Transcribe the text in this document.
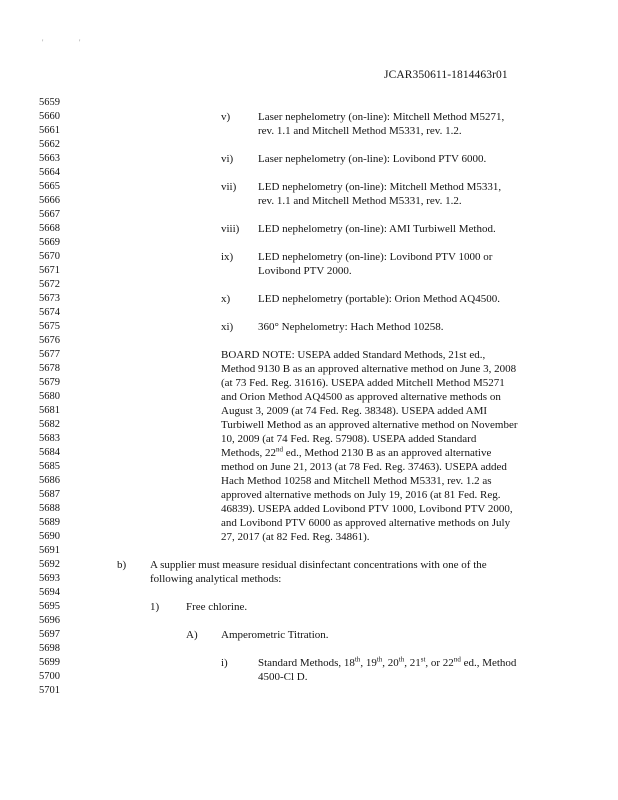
'	'
JCAR350611-1814463r01
5659
5660
5661
5662
5663
5664
5665
5666
5667
5668
5669
5670
5671
5672
5673
5674
5675
5676
5677
5678
5679
5680
5681
5682
5683
5684
5685
5686
5687
5688
5689
5690
5691
5692
5693
5694
5695
5696
5697
5698
5699
5700
5701
v)	Laser nephelometry (on-line): Mitchell Method M5271,
rev. 1.1 and Mitchell Method M5331, rev. 1.2.
vi) Laser nephelometry (on-line): Lovibond PTV 6000.
vii) LED nephelometry (on-line): Mitchell Method M5331,
rev. 1.1 and Mitchell Method M5331, rev. 1.2.
viii) LED nephelometry (on-line): AMI Turbiwell Method.
ix) LED nephelometry (on-line): Lovibond PTV 1000 or
Lovibond PTV 2000.
x)	LED nephelometry (portable): Orion Method AQ4500.
xi) 360° Nephelometry: Hach Method 10258.
BOARD NOTE: USEPA added Standard Methods, 21st ed.,
Method 9130 B as an approved alternative method on June 3, 2008
(at 73 Fed. Reg. 31616). USEPA added Mitchell Method M5271
and Orion Method AQ4500 as approved alternative methods on
August 3, 2009 (at 74 Fed. Reg. 38348). USEPA added AMI
Turbiwell Method as an approved alternative method on November
10, 2009 (at 74 Fed. Reg. 57908). USEPA added Standard
Methods, 22nd ed., Method 2130 B as an approved alternative
method on June 21, 2013 (at 78 Fed. Reg. 37463). USEPA added
Hach Method 10258 and Mitchell Method M5331, rev. 1.2 as
approved alternative methods on July 19, 2016 (at 81 Fed. Reg.
46839). USEPA added Lovibond PTV 1000, Lovibond PTV 2000,
and Lovibond PTV 6000 as approved alternative methods on July
27, 2017 (at 82 Fed. Reg. 34861).
b) A supplier must measure residual disinfectant concentrations with one of the
following analytical methods:
1) Free chlorine.
A) Amperometric Titration.
i)	Standard Methods, 18th, 19th, 20th, 21st, or 22nd ed., Method
4500-Cl D.
